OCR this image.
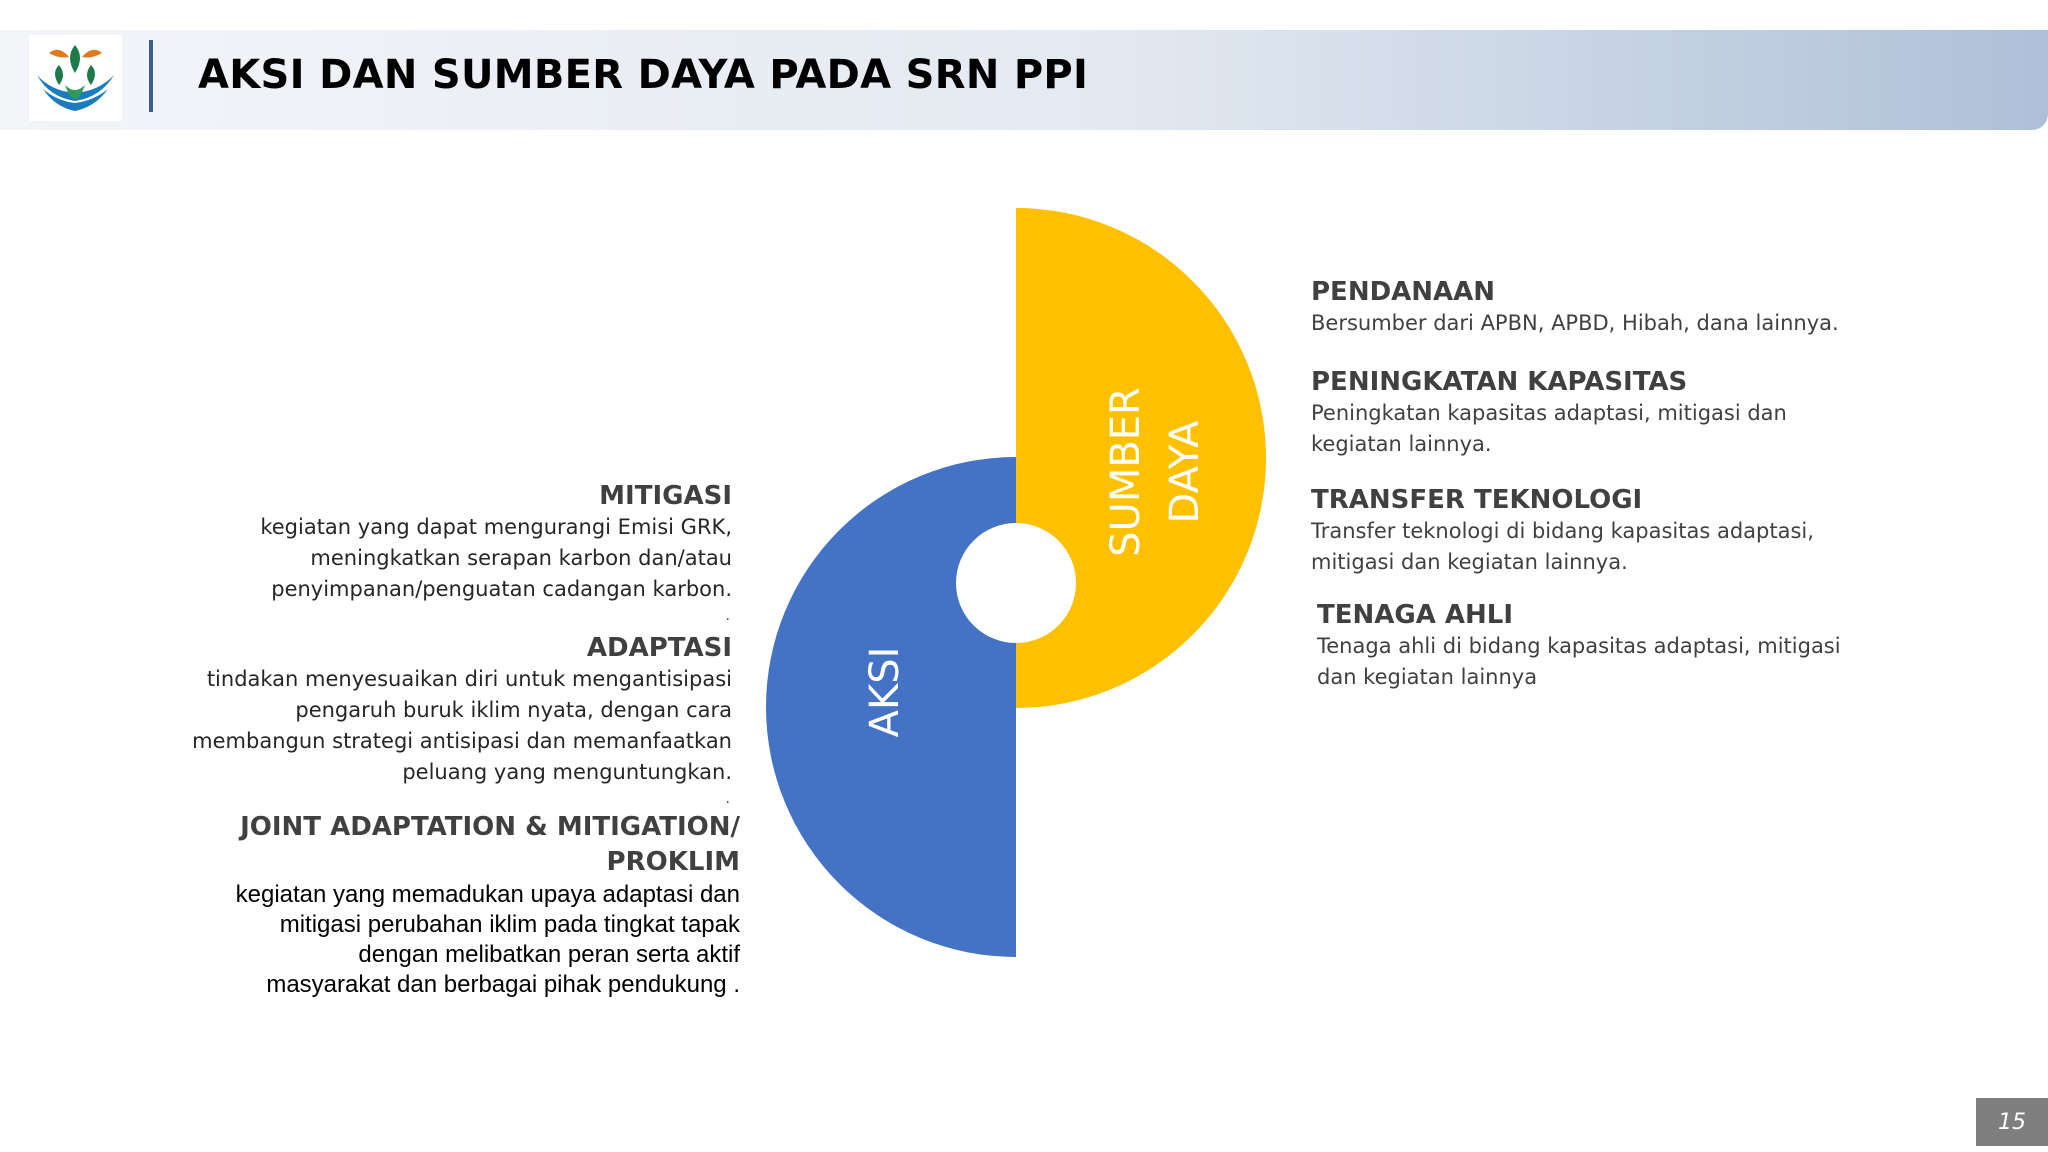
AKSI DAN SUMBER DAYA PADA SRN PPI
AKSI
SUMBER DAYA

MITIGASI

kegiatan yang dapat mengurangi Emisi GRK,

meningkatkan serapan karbon dan/atau

penyimpanan/penguatan cadangan karbon.

.

ADAPTASI

tindakan menyesuaikan diri untuk mengantisipasi

pengaruh buruk iklim nyata, dengan cara

membangun strategi antisipasi dan memanfaatkan

peluang yang menguntungkan.

.

JOINT ADAPTATION & MITIGATION/

PROKLIM

kegiatan yang memadukan upaya adaptasi dan

mitigasi perubahan iklim pada tingkat tapak

dengan melibatkan peran serta aktif

masyarakat dan berbagai pihak pendukung .

PENDANAAN

Bersumber dari APBN, APBD, Hibah, dana lainnya.

PENINGKATAN KAPASITAS

Peningkatan kapasitas adaptasi, mitigasi dan

kegiatan lainnya.

TRANSFER TEKNOLOGI

Transfer teknologi di bidang kapasitas adaptasi,

mitigasi dan kegiatan lainnya.

TENAGA AHLI

Tenaga ahli di bidang kapasitas adaptasi, mitigasi

dan kegiatan lainnya

15
